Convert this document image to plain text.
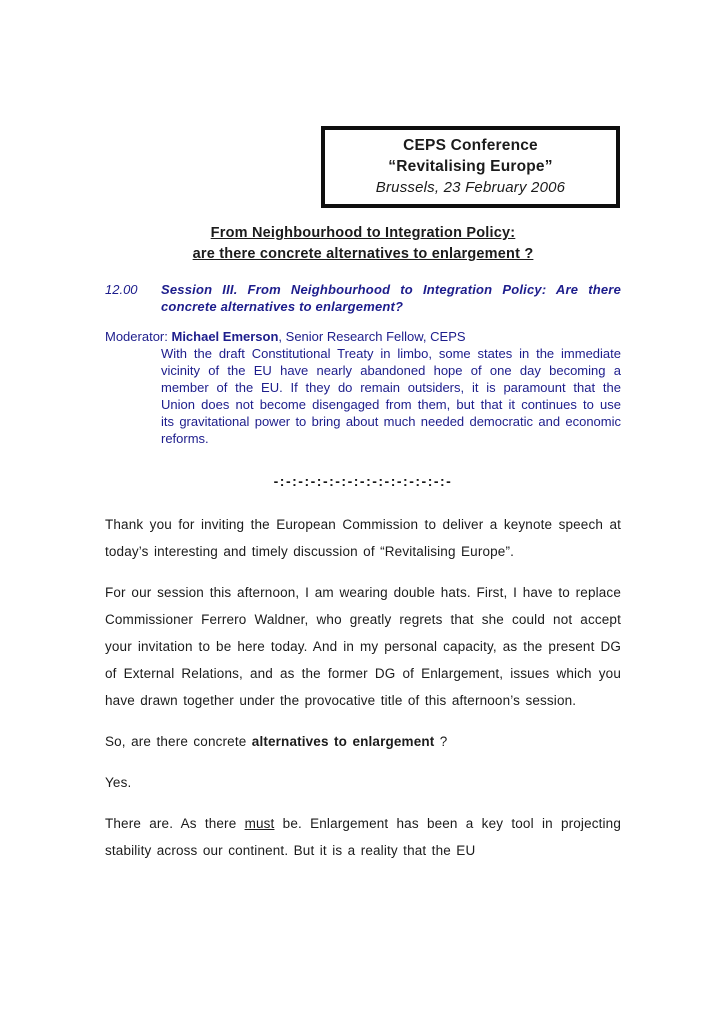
CEPS Conference
“Revitalising Europe”
Brussels, 23 February 2006
From Neighbourhood to Integration Policy:
are there concrete alternatives to enlargement ?
12.00	Session III. From Neighbourhood to Integration Policy: Are there concrete alternatives to enlargement?
Moderator: Michael Emerson, Senior Research Fellow, CEPS
With the draft Constitutional Treaty in limbo, some states in the immediate vicinity of the EU have nearly abandoned hope of one day becoming a member of the EU. If they do remain outsiders, it is paramount that the Union does not become disengaged from them, but that it continues to use its gravitational power to bring about much needed democratic and economic reforms.
-:-:-:-:-:-:-:-:-:-:-:-:-:-:-

Thank you for inviting the European Commission to deliver a keynote speech at today’s interesting and timely discussion of “Revitalising Europe”.

For our session this afternoon, I am wearing double hats. First, I have to replace Commissioner Ferrero Waldner, who greatly regrets that she could not accept your invitation to be here today. And in my personal capacity, as the present DG of External Relations, and as the former DG of Enlargement, issues which you have drawn together under the provocative title of this afternoon’s session.

So, are there concrete alternatives to enlargement ?

Yes.

There are. As there must be. Enlargement has been a key tool in projecting stability across our continent. But it is a reality that the EU
